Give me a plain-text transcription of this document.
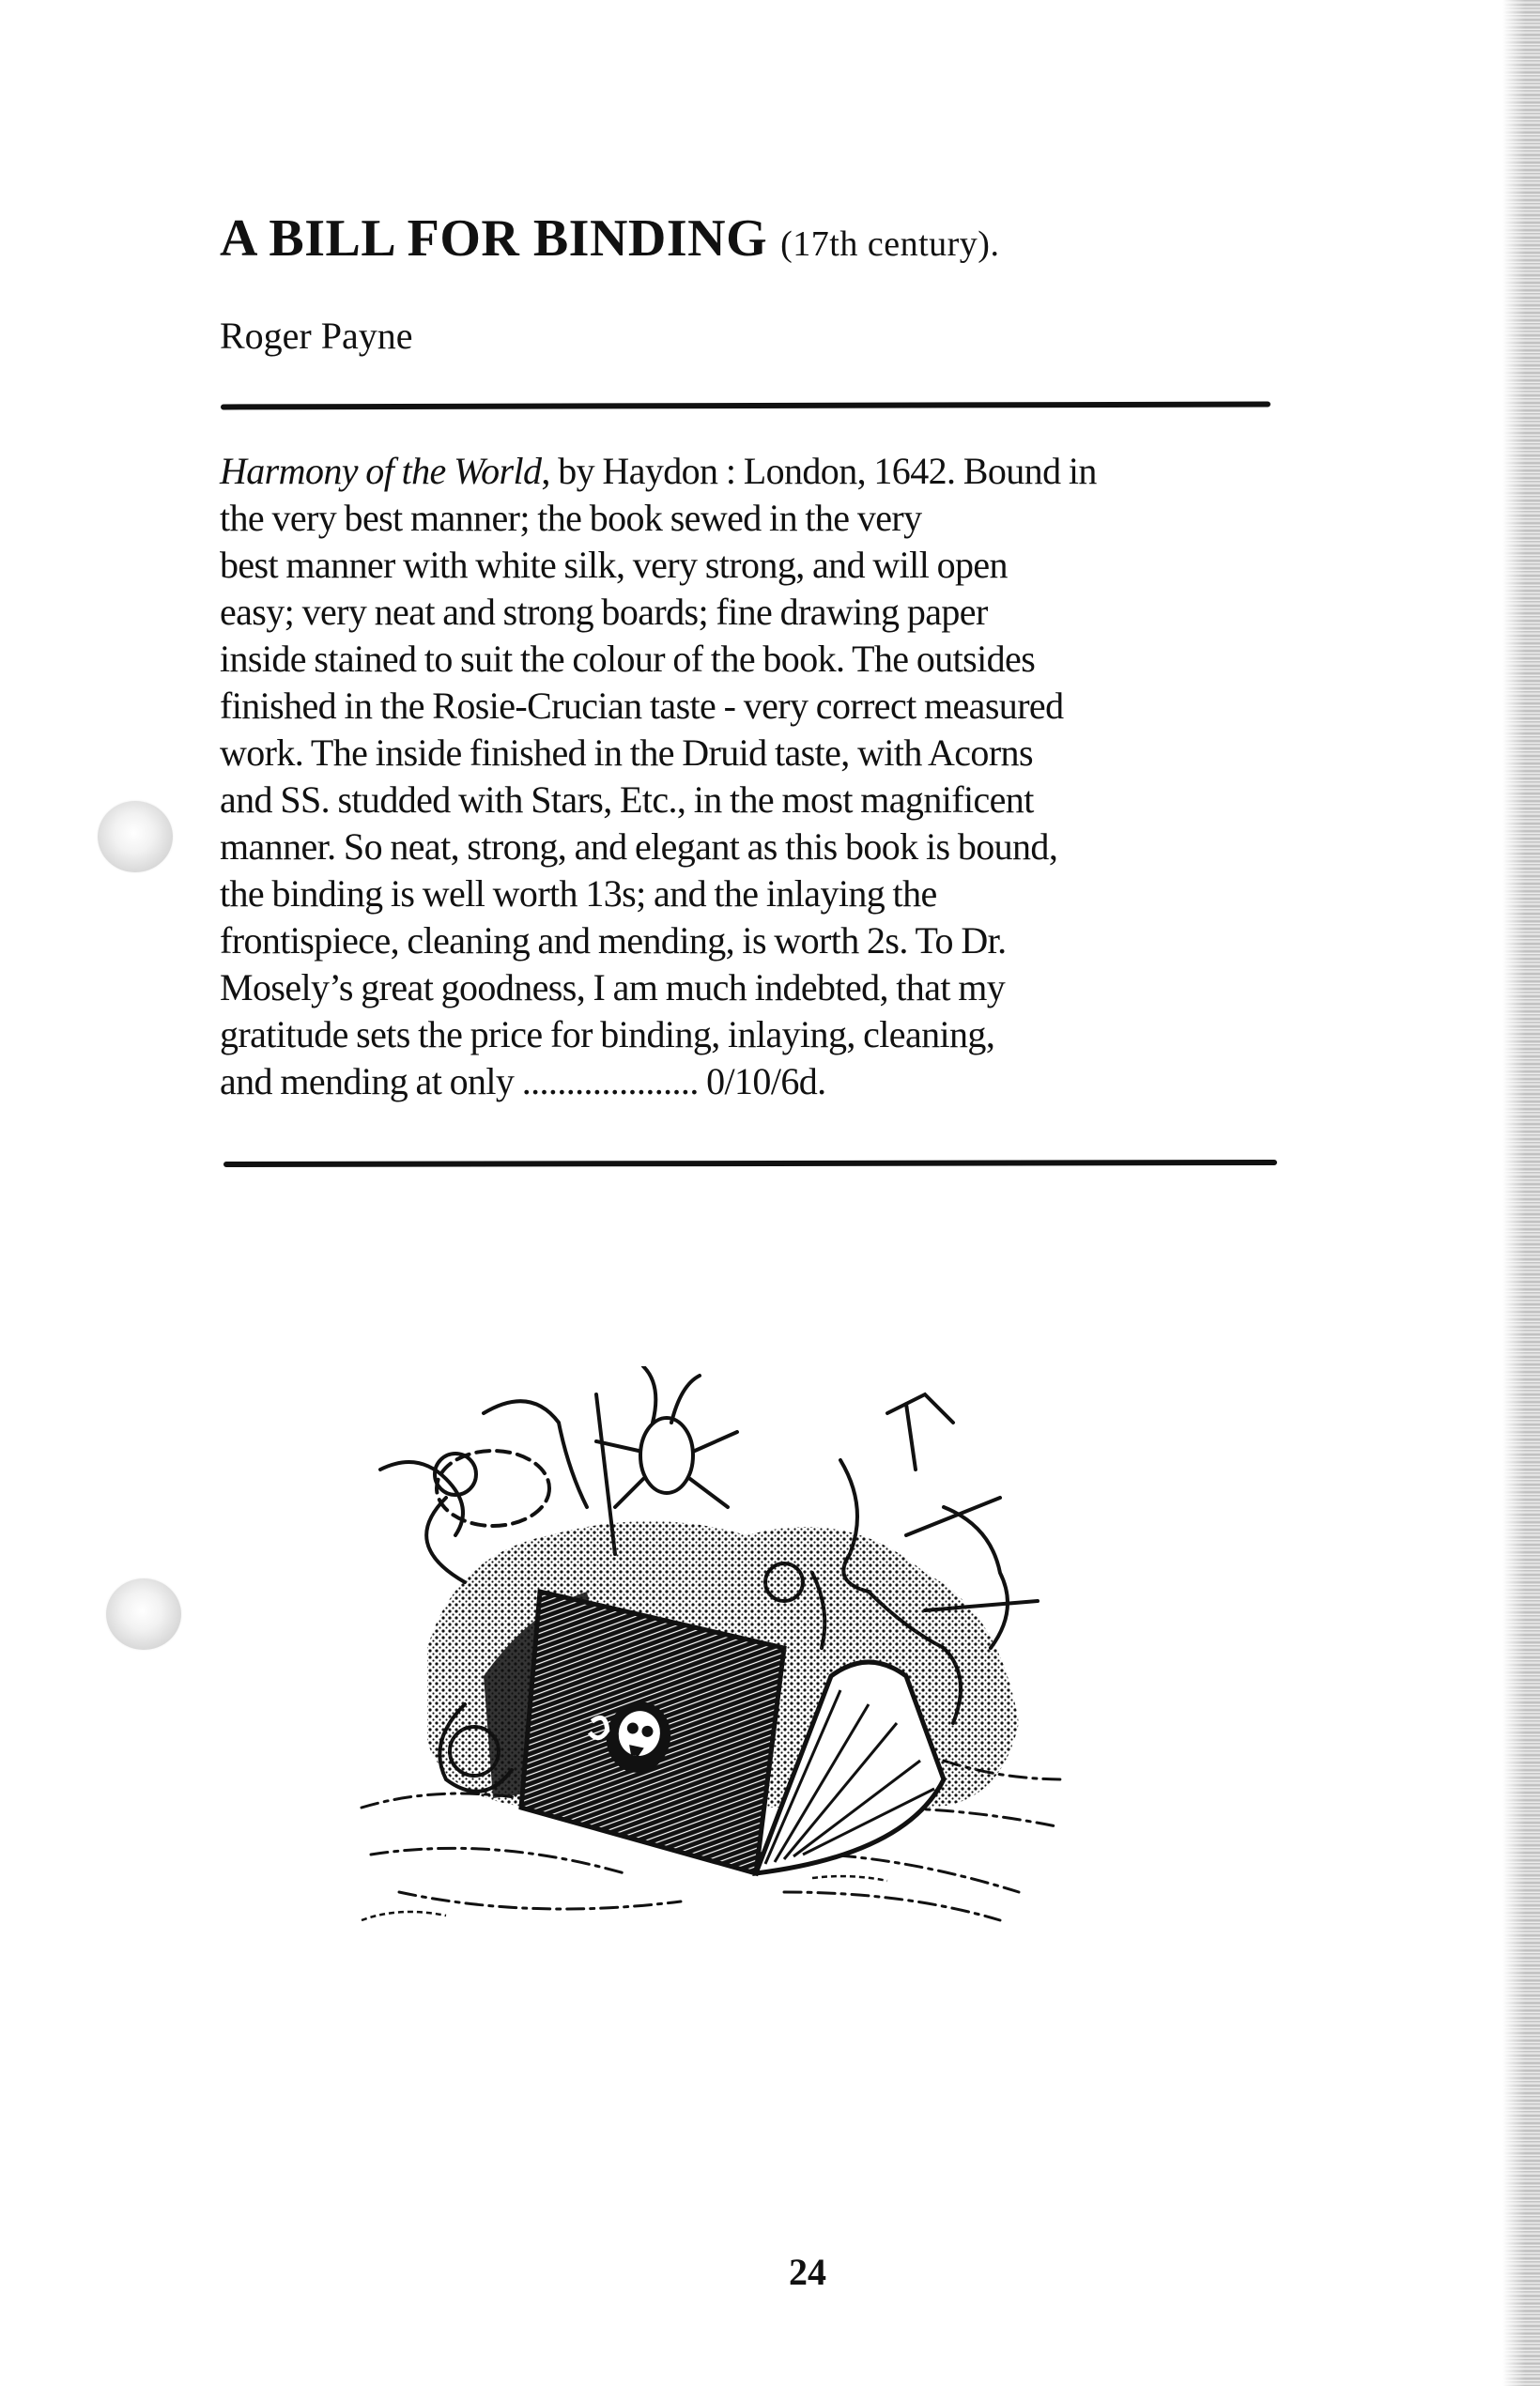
A BILL FOR BINDING (17th century).
Roger Payne
Harmony of the World, by Haydon : London, 1642. Bound in
the very best manner; the book sewed in the very
best manner with white silk, very strong, and will open
easy; very neat and strong boards; fine drawing paper
inside stained to suit the colour of the book. The outsides
finished in the Rosie-Crucian taste - very correct measured
work. The inside finished in the Druid taste, with Acorns
and SS. studded with Stars, Etc., in the most magnificent
manner. So neat, strong, and elegant as this book is bound,
the binding is well worth 13s; and the inlaying the
frontispiece, cleaning and mending, is worth 2s. To Dr.
Mosely’s great goodness, I am much indebted, that my
gratitude sets the price for binding, inlaying, cleaning,
and mending at only .................... 0/10/6d.
24
